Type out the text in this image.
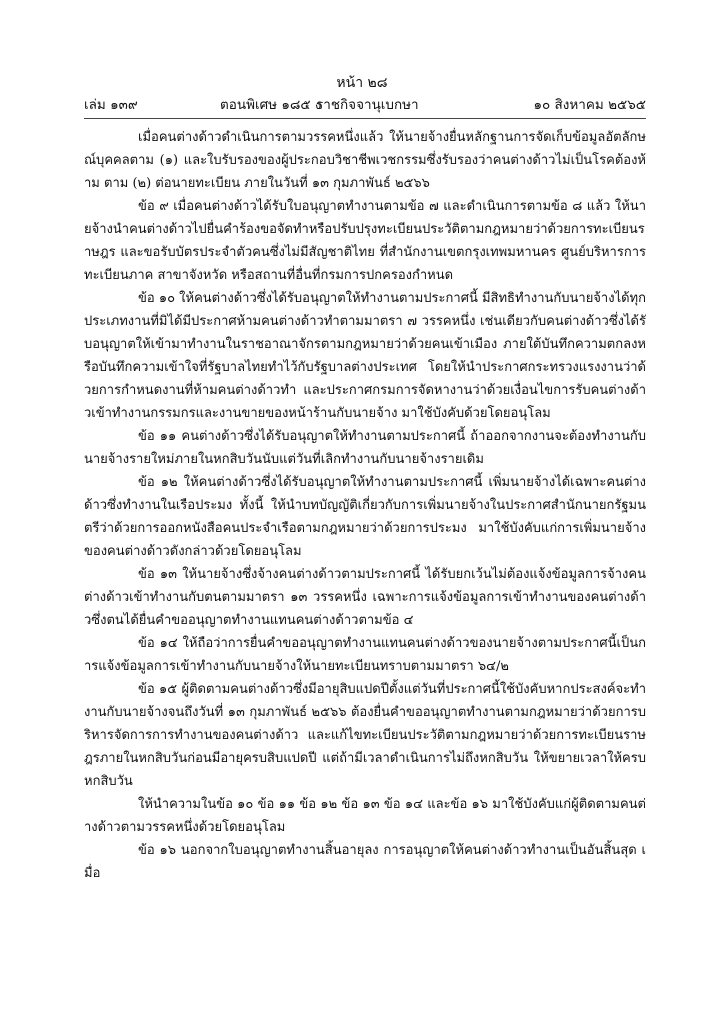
หน้า ๒๘
เล่ม ๑๓๙	ตอนพิเศษ ๑๘๕ ง
ราชกิจจานุเบกษา	๑๐ สิงหาคม ๒๕๖๕

เมื่อคนต่างด้าวดำเนินการตามวรรคหนึ่งแล้ว ให้นายจ้างยื่นหลักฐานการจัดเก็บข้อมูลอัตลักษณ์บุคคลตาม (๑) และใบรับรองของผู้ประกอบวิชาชีพเวชกรรมซึ่งรับรองว่าคนต่างด้าวไม่เป็นโรคต้องห้าม ตาม (๒) ต่อนายทะเบียน ภายในวันที่ ๑๓ กุมภาพันธ์ ๒๕๖๖

ข้อ ๙ เมื่อคนต่างด้าวได้รับใบอนุญาตทำงานตามข้อ ๗ และดำเนินการตามข้อ ๘ แล้ว ให้นายจ้างนำคนต่างด้าวไปยื่นคำร้องขอจัดทำหรือปรับปรุงทะเบียนประวัติตามกฎหมายว่าด้วยการทะเบียนราษฎร และขอรับบัตรประจำตัวคนซึ่งไม่มีสัญชาติไทย ที่สำนักงานเขตกรุงเทพมหานคร ศูนย์บริหารการทะเบียนภาค สาขาจังหวัด หรือสถานที่อื่นที่กรมการปกครองกำหนด

ข้อ ๑๐ ให้คนต่างด้าวซึ่งได้รับอนุญาตให้ทำงานตามประกาศนี้ มีสิทธิทำงานกับนายจ้างได้ทุกประเภทงานที่มิได้มีประกาศห้ามคนต่างด้าวทำตามมาตรา ๗ วรรคหนึ่ง เช่นเดียวกับคนต่างด้าวซึ่งได้รับอนุญาตให้เข้ามาทำงานในราชอาณาจักรตามกฎหมายว่าด้วยคนเข้าเมือง ภายใต้บันทึกความตกลงหรือบันทึกความเข้าใจที่รัฐบาลไทยทำไว้กับรัฐบาลต่างประเทศ โดยให้นำประกาศกระทรวงแรงงานว่าด้วยการกำหนดงานที่ห้ามคนต่างด้าวทำ และประกาศกรมการจัดหางานว่าด้วยเงื่อนไขการรับคนต่างด้าวเข้าทำงานกรรมกรและงานขายของหน้าร้านกับนายจ้าง มาใช้บังคับด้วยโดยอนุโลม

ข้อ ๑๑ คนต่างด้าวซึ่งได้รับอนุญาตให้ทำงานตามประกาศนี้ ถ้าออกจากงานจะต้องทำงานกับนายจ้างรายใหม่ภายในหกสิบวันนับแต่วันที่เลิกทำงานกับนายจ้างรายเดิม

ข้อ ๑๒ ให้คนต่างด้าวซึ่งได้รับอนุญาตให้ทำงานตามประกาศนี้ เพิ่มนายจ้างได้เฉพาะคนต่างด้าวซึ่งทำงานในเรือประมง ทั้งนี้ ให้นำบทบัญญัติเกี่ยวกับการเพิ่มนายจ้างในประกาศสำนักนายกรัฐมนตรีว่าด้วยการออกหนังสือคนประจำเรือตามกฎหมายว่าด้วยการประมง มาใช้บังคับแก่การเพิ่มนายจ้างของคนต่างด้าวดังกล่าวด้วยโดยอนุโลม

ข้อ ๑๓ ให้นายจ้างซึ่งจ้างคนต่างด้าวตามประกาศนี้ ได้รับยกเว้นไม่ต้องแจ้งข้อมูลการจ้างคนต่างด้าวเข้าทำงานกับตนตามมาตรา ๑๓ วรรคหนึ่ง เฉพาะการแจ้งข้อมูลการเข้าทำงานของคนต่างด้าวซึ่งตนได้ยื่นคำขออนุญาตทำงานแทนคนต่างด้าวตามข้อ ๔

ข้อ ๑๔ ให้ถือว่าการยื่นคำขออนุญาตทำงานแทนคนต่างด้าวของนายจ้างตามประกาศนี้เป็นการแจ้งข้อมูลการเข้าทำงานกับนายจ้างให้นายทะเบียนทราบตามมาตรา ๖๔/๒

ข้อ ๑๕ ผู้ติดตามคนต่างด้าวซึ่งมีอายุสิบแปดปีตั้งแต่วันที่ประกาศนี้ใช้บังคับหากประสงค์จะทำงานกับนายจ้างจนถึงวันที่ ๑๓ กุมภาพันธ์ ๒๕๖๖ ต้องยื่นคำขออนุญาตทำงานตามกฎหมายว่าด้วยการบริหารจัดการการทำงานของคนต่างด้าว และแก้ไขทะเบียนประวัติตามกฎหมายว่าด้วยการทะเบียนราษฎรภายในหกสิบวันก่อนมีอายุครบสิบแปดปี แต่ถ้ามีเวลาดำเนินการไม่ถึงหกสิบวัน ให้ขยายเวลาให้ครบหกสิบวัน

ให้นำความในข้อ ๑๐ ข้อ ๑๑ ข้อ ๑๒ ข้อ ๑๓ ข้อ ๑๔ และข้อ ๑๖ มาใช้บังคับแก่ผู้ติดตามคนต่างด้าวตามวรรคหนึ่งด้วยโดยอนุโลม

ข้อ ๑๖ นอกจากใบอนุญาตทำงานสิ้นอายุลง การอนุญาตให้คนต่างด้าวทำงานเป็นอันสิ้นสุด เมื่อ
